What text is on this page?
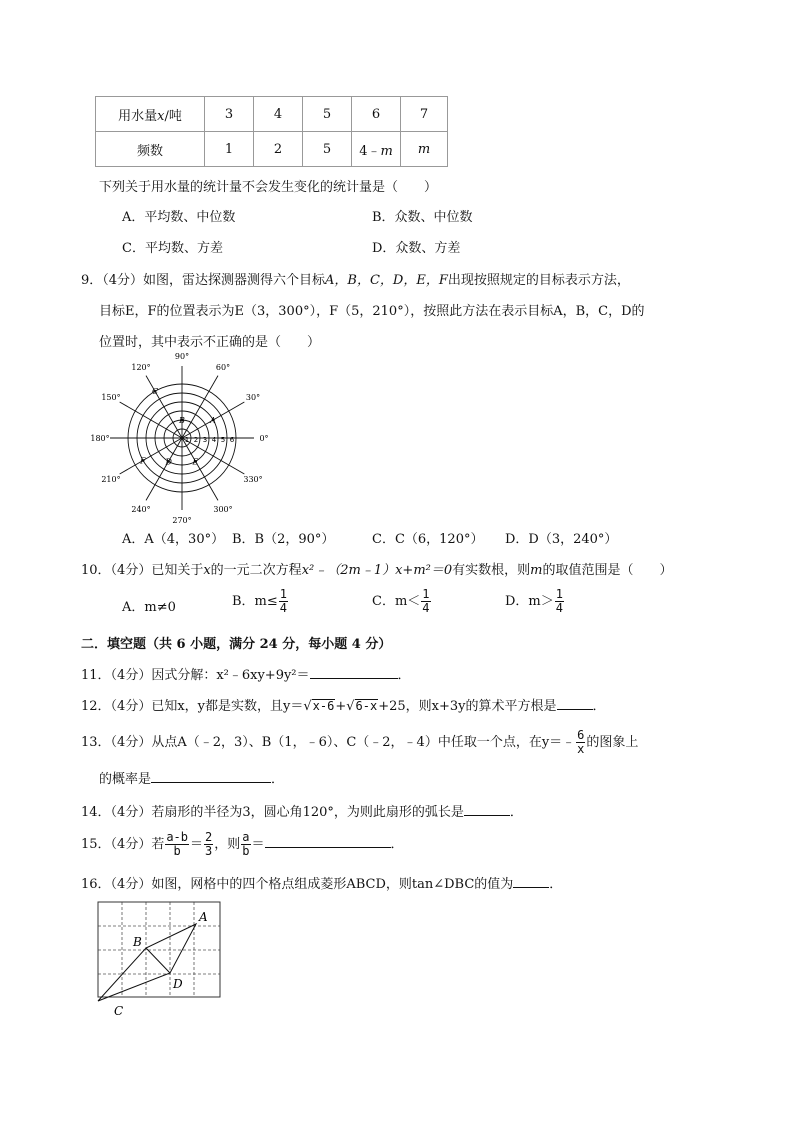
用水量x/吨	3	4	5	6	7
频数	1	2	5	4﹣m	m
下列关于用水量的统计量不会发生变化的统计量是（　　）
A．平均数、中位数	B．众数、中位数
C．平均数、方差	D．众数、方差
9．（4分）如图，雷达探测器测得六个目标A，B，C，D，E，F出现按照规定的目标表示方法，
目标E，F的位置表示为E（3，300°），F（5，210°），按照此方法在表示目标A，B，C，D的
位置时，其中表示不正确的是（　　）
0°
30°
60°
90°
120°
150°
180°
210°
240°
270°
300°
330°
1 2 3 4 5 6
A
B
C
D	E
F
A．A（4，30°） B．B（2，90°）	C．C（6，120°） D．D（3，240°）
10．（4分）已知关于x的一元二次方程x²﹣（2m﹣1）x+m²＝0有实数根，则m的取值范围是（　　）
A．m≠0	B．$m\le \frac{1}{4}$	C．$m< \frac{1}{4}$	D．$m> \frac{1}{4}$
二．填空题（共 6 小题，满分 24 分，每小题 4 分）
11．（4分）因式分解：x²﹣6xy+9y²＝	．
12．（4分）已知x，y都是实数，且y＝√x-6+√6-x+25，则x+3y的算术平方根是	．
13．（4分）从点A（﹣2，3）、B（1，﹣6）、C（﹣2，﹣4）中任取一个点，在y＝﹣ $\frac{6}{x}$ 的图象上
的概率是	．
14．（4分）若扇形的半径为3，圆心角120°，为则此扇形的弧长是	．
15．（4分）若 $\frac{a-b}{b} = \frac{2}{3}$ ，则 $\frac{a}{b}$ ＝	．
16．（4分）如图，网格中的四个格点组成菱形ABCD，则tan∠DBC的值为	．
A
B
C
D
